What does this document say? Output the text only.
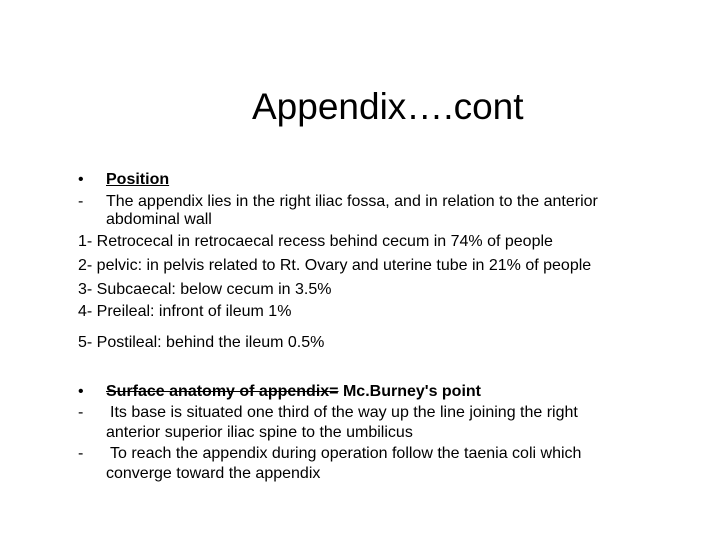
Appendix….cont
• Position
- The appendix lies in the right iliac fossa, and in relation to the anterior
abdominal wall
1- Retrocecal in retrocaecal recess behind cecum in 74% of people
2- pelvic: in pelvis related to Rt. Ovary and uterine tube in 21% of people
3- Subcaecal: below cecum in 3.5%
4- Preileal: infront of ileum 1%
5- Postileal: behind the ileum 0.5%
• Surface anatomy of appendix= Mc.Burney's point
- Its base is situated one third of the way up the line joining the right
anterior superior iliac spine to the umbilicus
- To reach the appendix during operation follow the taenia coli which
converge toward the appendix
